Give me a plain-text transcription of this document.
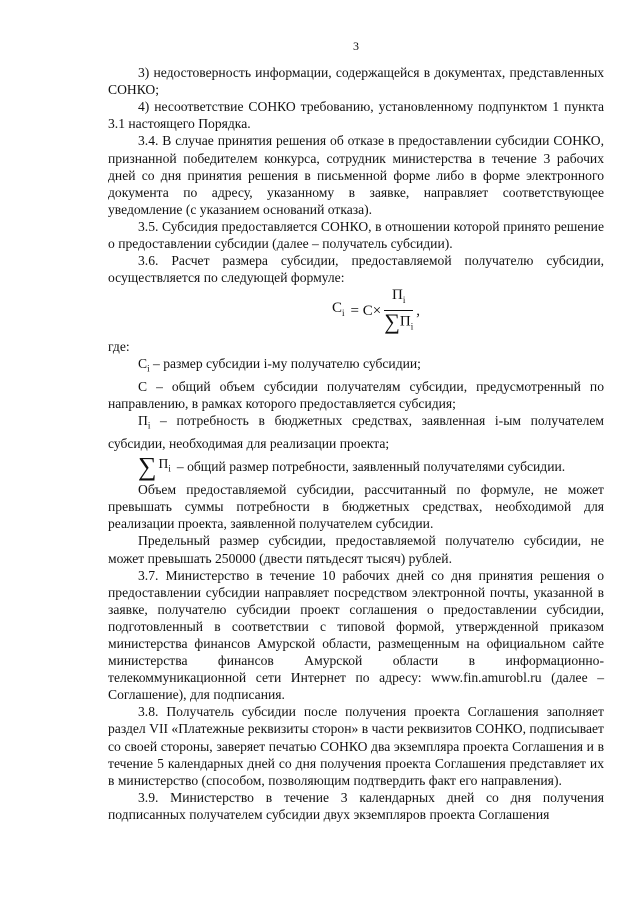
3

3) недостоверность информации, содержащейся в документах, представленных СОНКО;

4) несоответствие СОНКО требованию, установленному подпунктом 1 пункта 3.1 настоящего Порядка.

3.4. В случае принятия решения об отказе в предоставлении субсидии СОНКО, признанной победителем конкурса, сотрудник министерства в течение 3 рабочих дней со дня принятия решения в письменной форме либо в форме электронного документа по адресу, указанному в заявке, направляет соответствующее уведомление (с указанием оснований отказа).

3.5. Субсидия предоставляется СОНКО, в отношении которой принято решение о предоставлении субсидии (далее – получатель субсидии).

3.6. Расчет размера субсидии, предоставляемой получателю субсидии, осуществляется по следующей формуле:

$C_i = C\times \frac{П_i}{\sum П_i}$ ,

где:

$C_i$ – размер субсидии i-му получателю субсидии;

C – общий объем субсидии получателям субсидии, предусмотренный по направлению, в рамках которого предоставляется субсидия;

$П_i$ – потребность в бюджетных средствах, заявленная i-ым получателем субсидии, необходимая для реализации проекта;

∑ $П_i$ – общий размер потребности, заявленный получателями субсидии.

Объем предоставляемой субсидии, рассчитанный по формуле, не может превышать суммы потребности в бюджетных средствах, необходимой для реализации проекта, заявленной получателем субсидии.

Предельный размер субсидии, предоставляемой получателю субсидии, не может превышать 250000 (двести пятьдесят тысяч) рублей.

3.7. Министерство в течение 10 рабочих дней со дня принятия решения о предоставлении субсидии направляет посредством электронной почты, указанной в заявке, получателю субсидии проект соглашения о предоставлении субсидии, подготовленный в соответствии с типовой формой, утвержденной приказом министерства финансов Амурской области, размещенным на официальном сайте министерства финансов Амурской области в информационно-телекоммуникационной сети Интернет по адресу: www.fin.amurobl.ru (далее – Соглашение), для подписания.

3.8. Получатель субсидии после получения проекта Соглашения заполняет раздел VII «Платежные реквизиты сторон» в части реквизитов СОНКО, подписывает со своей стороны, заверяет печатью СОНКО два экземпляра проекта Соглашения и в течение 5 календарных дней со дня получения проекта Соглашения представляет их в министерство (способом, позволяющим подтвердить факт его направления).

3.9. Министерство в течение 3 календарных дней со дня получения подписанных получателем субсидии двух экземпляров проекта Соглашения
